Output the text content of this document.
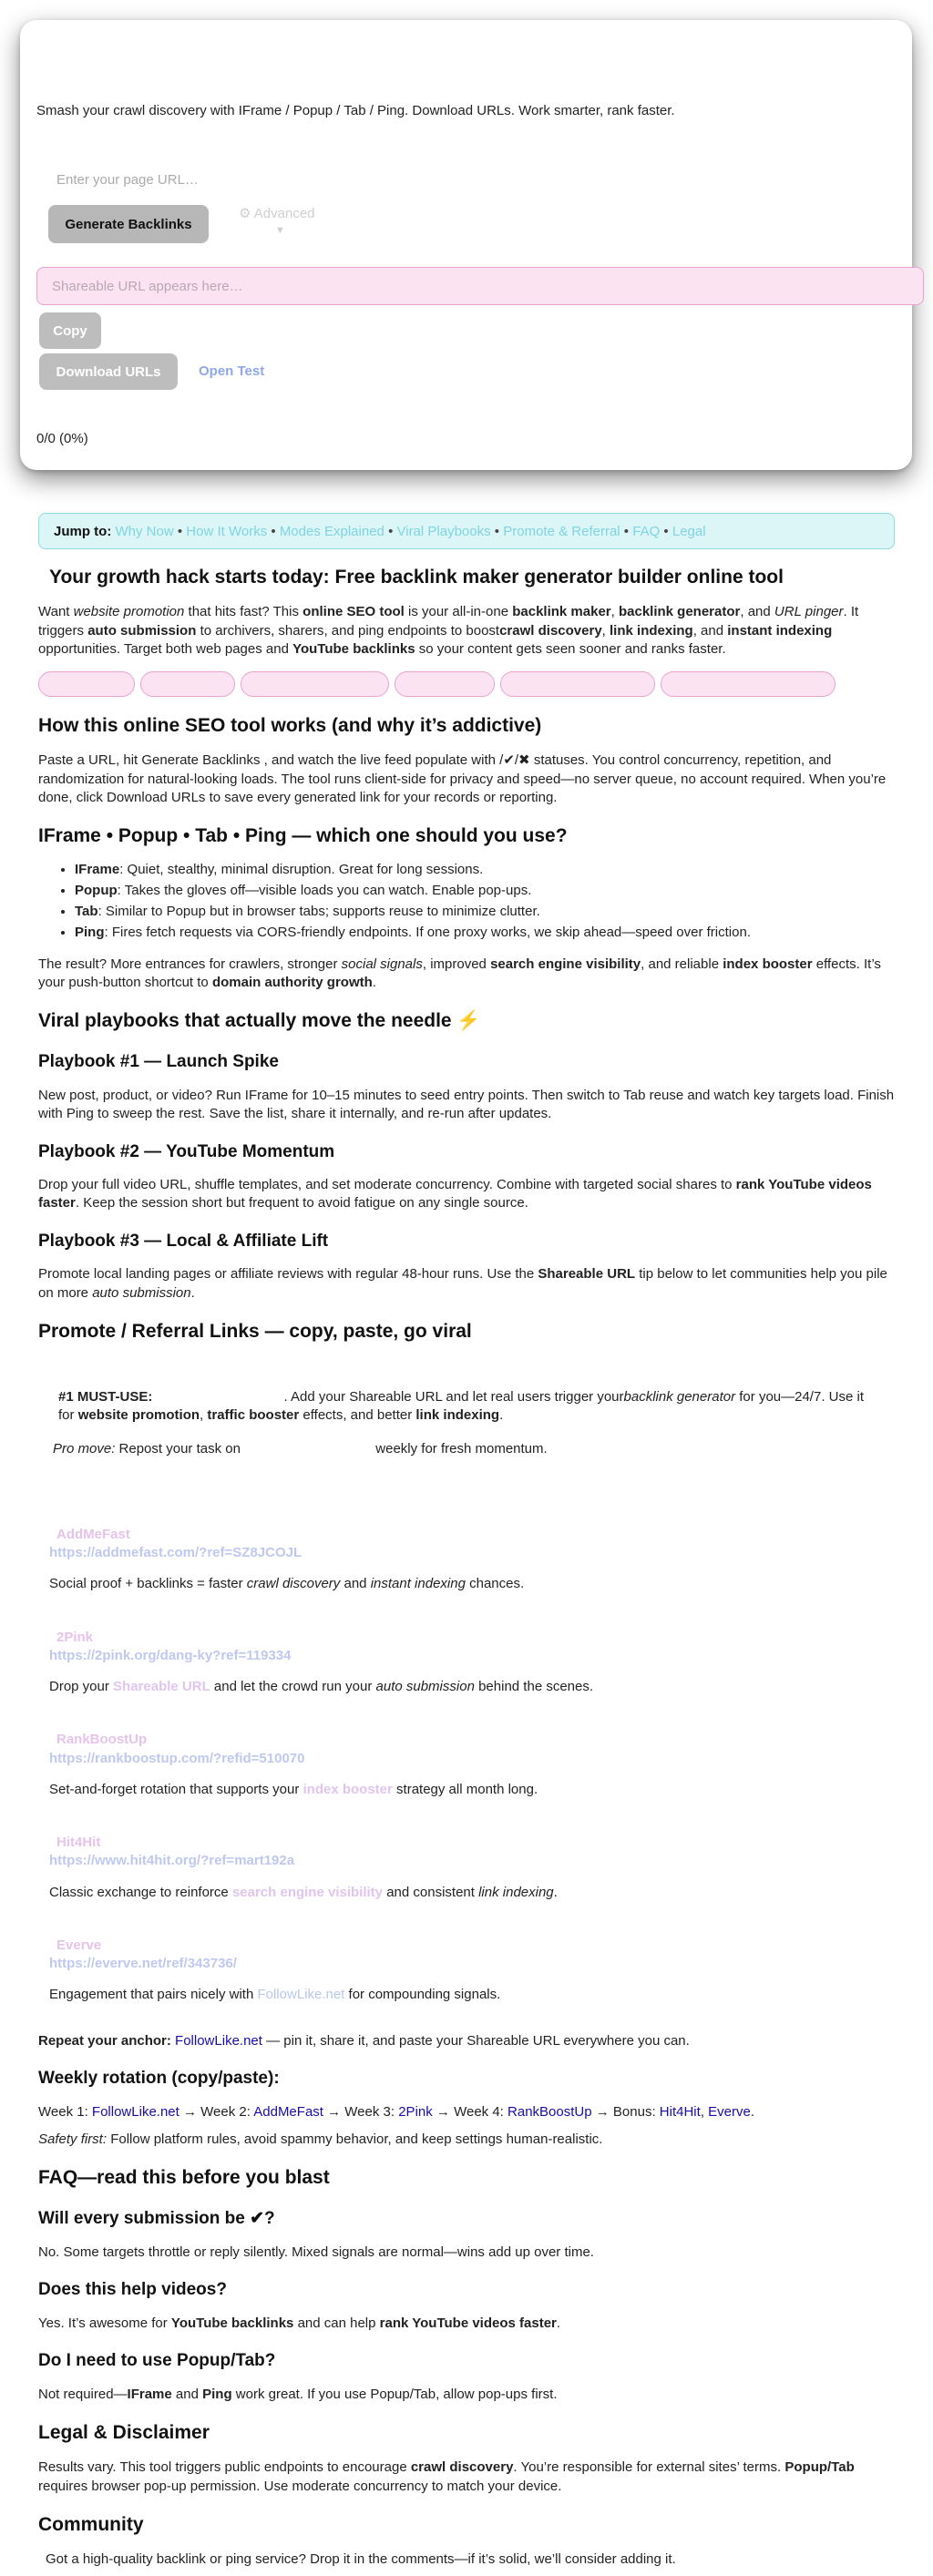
Smash your crawl discovery with IFrame / Popup / Tab / Ping. Download URLs. Work smarter, rank faster.
Enter your page URL…
Generate Backlinks
⚙ Advanced
▼
Shareable URL appears here…
Copy
Download URLs	Open Test
0/0 (0%)
Jump to: Why Now • How It Works • Modes Explained • Viral Playbooks • Promote & Referral • FAQ • Legal
Your growth hack starts today: Free backlink maker generator builder online tool

Want website promotion that hits fast? This online SEO tool is your all-in-one backlink maker, backlink generator, and URL pinger. It triggers auto submission to archivers, sharers, and ping endpoints to boostcrawl discovery, link indexing, and instant indexing opportunities. Target both web pages and YouTube backlinks so your content gets seen sooner and ranks faster.

How this online SEO tool works (and why it’s addictive)

Paste a URL, hit Generate Backlinks , and watch the live feed populate with /✔/✖ statuses. You control concurrency, repetition, and randomization for natural-looking loads. The tool runs client-side for privacy and speed—no server queue, no account required. When you’re done, click Download URLs to save every generated link for your records or reporting.

IFrame • Popup • Tab • Ping — which one should you use?
• IFrame: Quiet, stealthy, minimal disruption. Great for long sessions.
• Popup: Takes the gloves off—visible loads you can watch. Enable pop-ups.
• Tab: Similar to Popup but in browser tabs; supports reuse to minimize clutter.
• Ping: Fires fetch requests via CORS-friendly endpoints. If one proxy works, we skip ahead—speed over friction.

The result? More entrances for crawlers, stronger social signals, improved search engine visibility, and reliable index booster effects. It’s your push-button shortcut to domain authority growth.

Viral playbooks that actually move the needle ⚡
Playbook #1 — Launch Spike

New post, product, or video? Run IFrame for 10–15 minutes to seed entry points. Then switch to Tab reuse and watch key targets load. Finish with Ping to sweep the rest. Save the list, share it internally, and re-run after updates.

Playbook #2 — YouTube Momentum

Drop your full video URL, shuffle templates, and set moderate concurrency. Combine with targeted social shares to rank YouTube videos faster. Keep the session short but frequent to avoid fatigue on any single source.

Playbook #3 — Local & Affiliate Lift

Promote local landing pages or affiliate reviews with regular 48-hour runs. Use the Shareable URL tip below to let communities help you pile on more auto submission.

Promote / Referral Links — copy, paste, go viral

#1 MUST-USE:	. Add your Shareable URL and let real users trigger yourbacklink generator for you—24/7. Use it for website promotion, traffic booster effects, and better link indexing.

Pro move: Repost your task on	weekly for fresh momentum.

AddMeFast
https://addmefast.com/?ref=SZ8JCOJL

Social proof + backlinks = faster crawl discovery and instant indexing chances.

2Pink
https://2pink.org/dang-ky?ref=119334

Drop your Shareable URL and let the crowd run your auto submission behind the scenes.

RankBoostUp
https://rankboostup.com/?refid=510070

Set-and-forget rotation that supports your index booster strategy all month long.

Hit4Hit
https://www.hit4hit.org/?ref=mart192a

Classic exchange to reinforce search engine visibility and consistent link indexing.

Everve
https://everve.net/ref/343736/

Engagement that pairs nicely with FollowLike.net for compounding signals.

Repeat your anchor: FollowLike.net — pin it, share it, and paste your Shareable URL everywhere you can.

Weekly rotation (copy/paste):

Week 1: FollowLike.net → Week 2: AddMeFast → Week 3: 2Pink → Week 4: RankBoostUp → Bonus: Hit4Hit, Everve.

Safety first: Follow platform rules, avoid spammy behavior, and keep settings human-realistic.

FAQ—read this before you blast
Will every submission be ✔?

No. Some targets throttle or reply silently. Mixed signals are normal—wins add up over time.

Does this help videos?

Yes. It’s awesome for YouTube backlinks and can help rank YouTube videos faster.

Do I need to use Popup/Tab?

Not required—IFrame and Ping work great. If you use Popup/Tab, allow pop-ups first.

Legal & Disclaimer

Results vary. This tool triggers public endpoints to encourage crawl discovery. You’re responsible for external sites’ terms. Popup/Tab requires browser pop-up permission. Use moderate concurrency to match your device.

Community

Got a high-quality backlink or ping service? Drop it in the comments—if it’s solid, we’ll consider adding it.
